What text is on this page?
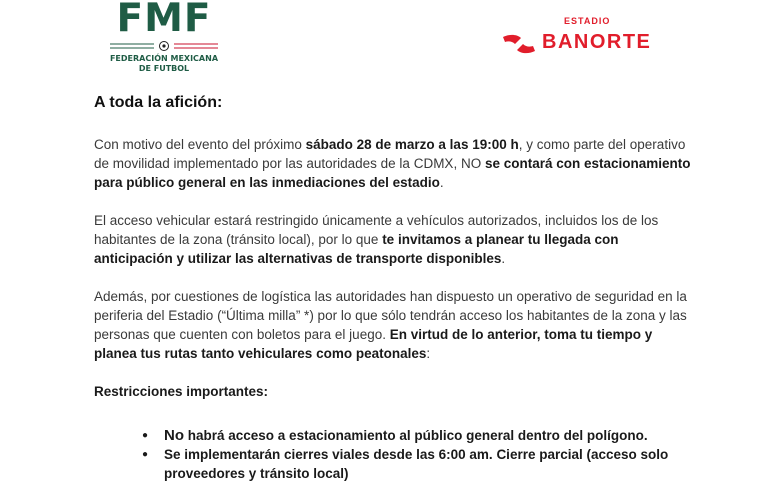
FMF
FEDERACIÓN MEXICANA
DE FUTBOL
ESTADIO
BANORTE
A toda la afición:

Con motivo del evento del próximo sábado 28 de marzo a las 19:00 h, y como parte del operativo de movilidad implementado por las autoridades de la CDMX, NO se contará con estacionamiento para público general en las inmediaciones del estadio.

El acceso vehicular estará restringido únicamente a vehículos autorizados, incluidos los de los habitantes de la zona (tránsito local), por lo que te invitamos a planear tu llegada con anticipación y utilizar las alternativas de transporte disponibles.

Además, por cuestiones de logística las autoridades han dispuesto un operativo de seguridad en la periferia del Estadio (“Última milla” *) por lo que sólo tendrán acceso los habitantes de la zona y las personas que cuenten con boletos para el juego. En virtud de lo anterior, toma tu tiempo y planea tus rutas tanto vehiculares como peatonales:

Restricciones importantes:
● No habrá acceso a estacionamiento al público general dentro del polígono.
● Se implementarán cierres viales desde las 6:00 am. Cierre parcial (acceso solo proveedores y tránsito local)
